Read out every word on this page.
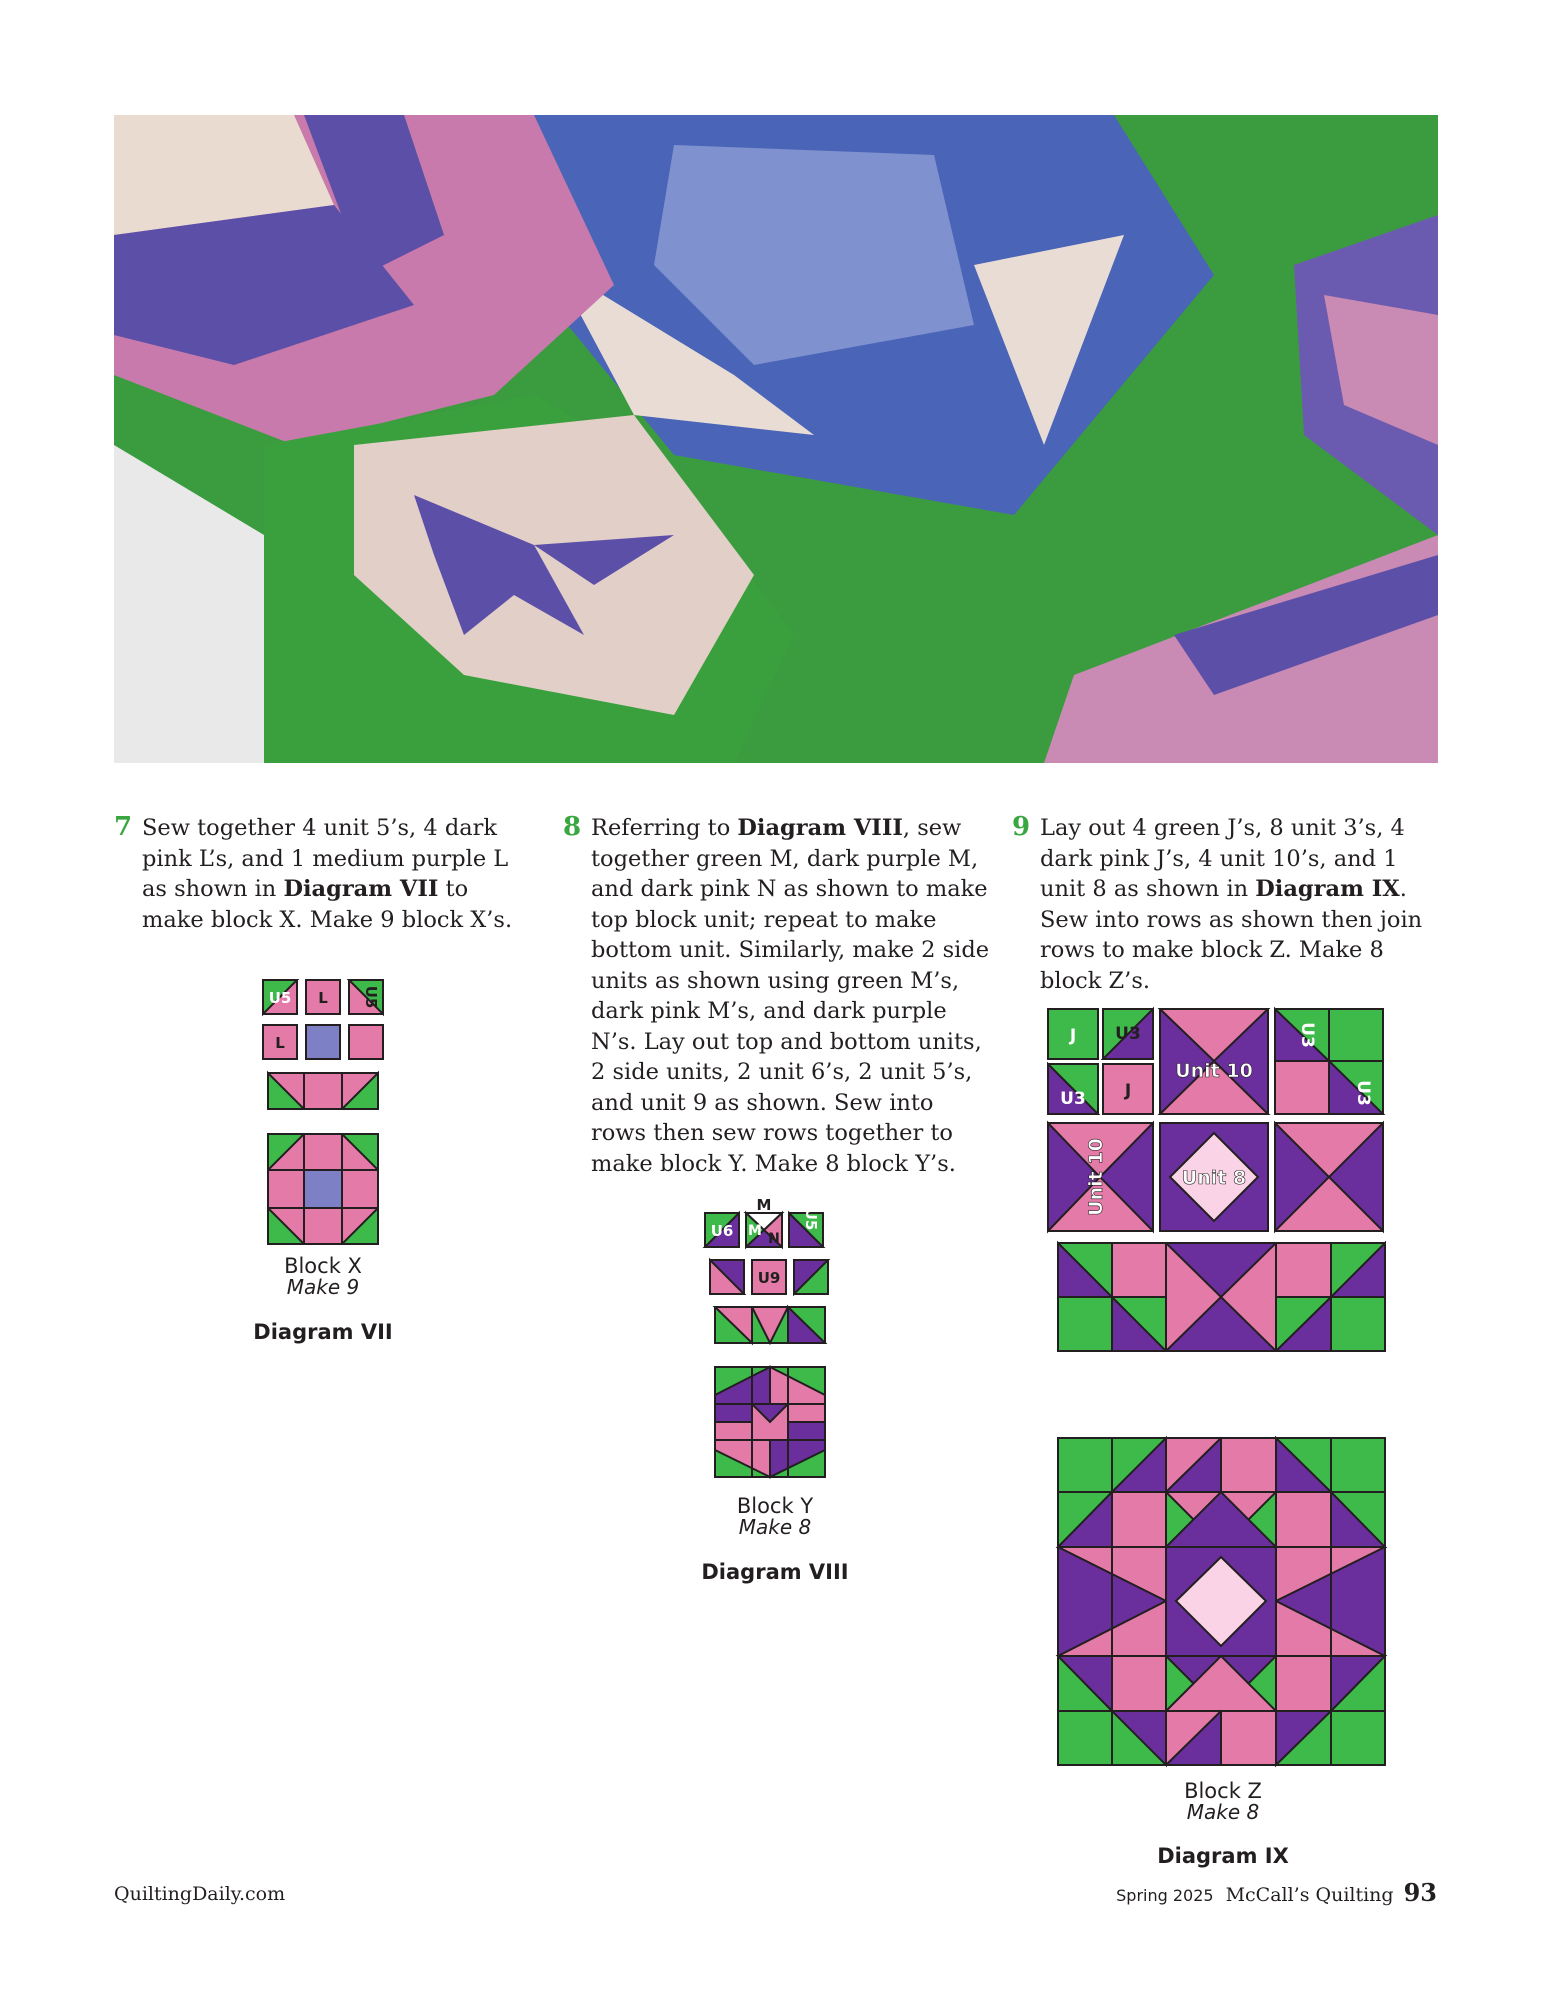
7 Sew together 4 unit 5’s, 4 dark pink L’s, and 1 medium purple L as shown in Diagram VII to make block X. Make 9 block X’s.

8 Referring to Diagram VIII, sew together green M, dark purple M, and dark pink N as shown to make top block unit; repeat to make bottom unit. Similarly, make 2 side units as shown using green M’s, dark pink M’s, and dark purple N’s. Lay out top and bottom units, 2 side units, 2 unit 6’s, 2 unit 5’s, and unit 9 as shown. Sew into rows then sew rows together to make block Y. Make 8 block Y’s.

9 Lay out 4 green J’s, 8 unit 3’s, 4 dark pink J’s, 4 unit 10’s, and 1 unit 8 as shown in Diagram IX. Sew into rows as shown then join rows to make block Z. Make 8 block Z’s.

U5 L U5
L
Block X
Make 9
Diagram VII
U6
M
M N
U5
U9
Block Y
Make 8
Diagram VIII
J U3
U3 J
Unit 10
U3
U3
Unit 10	Unit 8
Block Z
Make 8
Diagram IX
QuiltingDaily.com	Spring 2025 McCall’s Quilting 93
